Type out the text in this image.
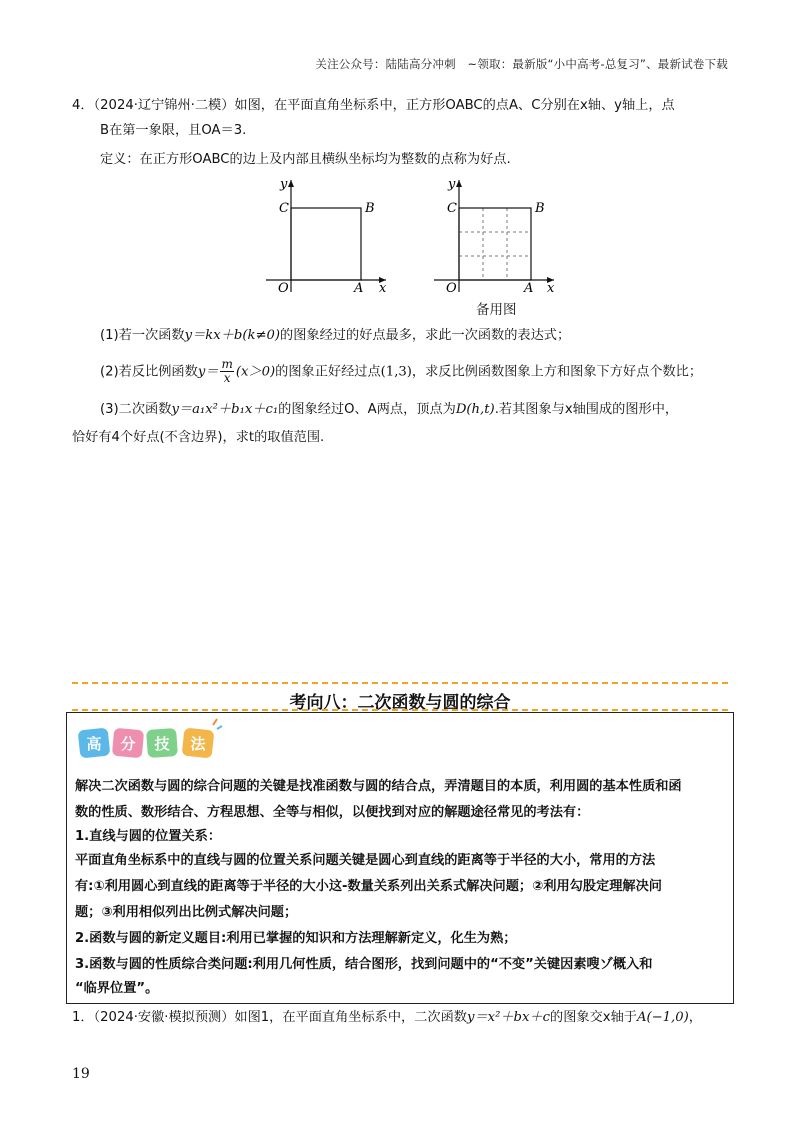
关注公众号：陆陆高分冲刺　~领取：最新版“小中高考-总复习”、最新试卷下载
4．（2024·辽宁锦州·二模）如图，在平面直角坐标系中，正方形OABC的点A、C分别在x轴、y轴上，点
B在第一象限，且OA＝3.
定义：在正方形OABC的边上及内部且横纵坐标均为整数的点称为好点.
y
x
O	A
B
C
y
x
O	A
B
C
备用图
(1)若一次函数y＝kx＋b(k≠0)的图象经过的好点最多，求此一次函数的表达式；
(2)若反比例函数$y= \frac{m}{x} (x>0)$的图象正好经过点(1,3)，求反比例函数图象上方和图象下方好点个数比；
(3)二次函数y＝a₁x²＋b₁x＋c₁的图象经过O、A两点，顶点为D(h,t).若其图象与x轴围成的图形中，
恰好有4个好点(不含边界)，求t的取值范围.
考向八：二次函数与圆的综合
高 分 技 法
解决二次函数与圆的综合问题的关键是找准函数与圆的结合点，弄清题目的本质，利用圆的基本性质和函
数的性质、数形结合、方程思想、全等与相似，以便找到对应的解题途径常见的考法有：
1.直线与圆的位置关系：
平面直角坐标系中的直线与圆的位置关系问题关键是圆心到直线的距离等于半径的大小，常用的方法
有:①利用圆心到直线的距离等于半径的大小这-数量关系列出关系式解决问题；②利用勾股定理解决问
题；③利用相似列出比例式解决问题；
2.函数与圆的新定义题目:利用已掌握的知识和方法理解新定义，化生为熟；
3.函数与圆的性质综合类问题:利用几何性质，结合图形，找到问题中的“不变”关键因素嗖ゾ概入和
“临界位置”。
1．（2024·安徽·模拟预测）如图1，在平面直角坐标系中，二次函数y＝x²＋bx＋c的图象交x轴于A(−1,0)，
19
